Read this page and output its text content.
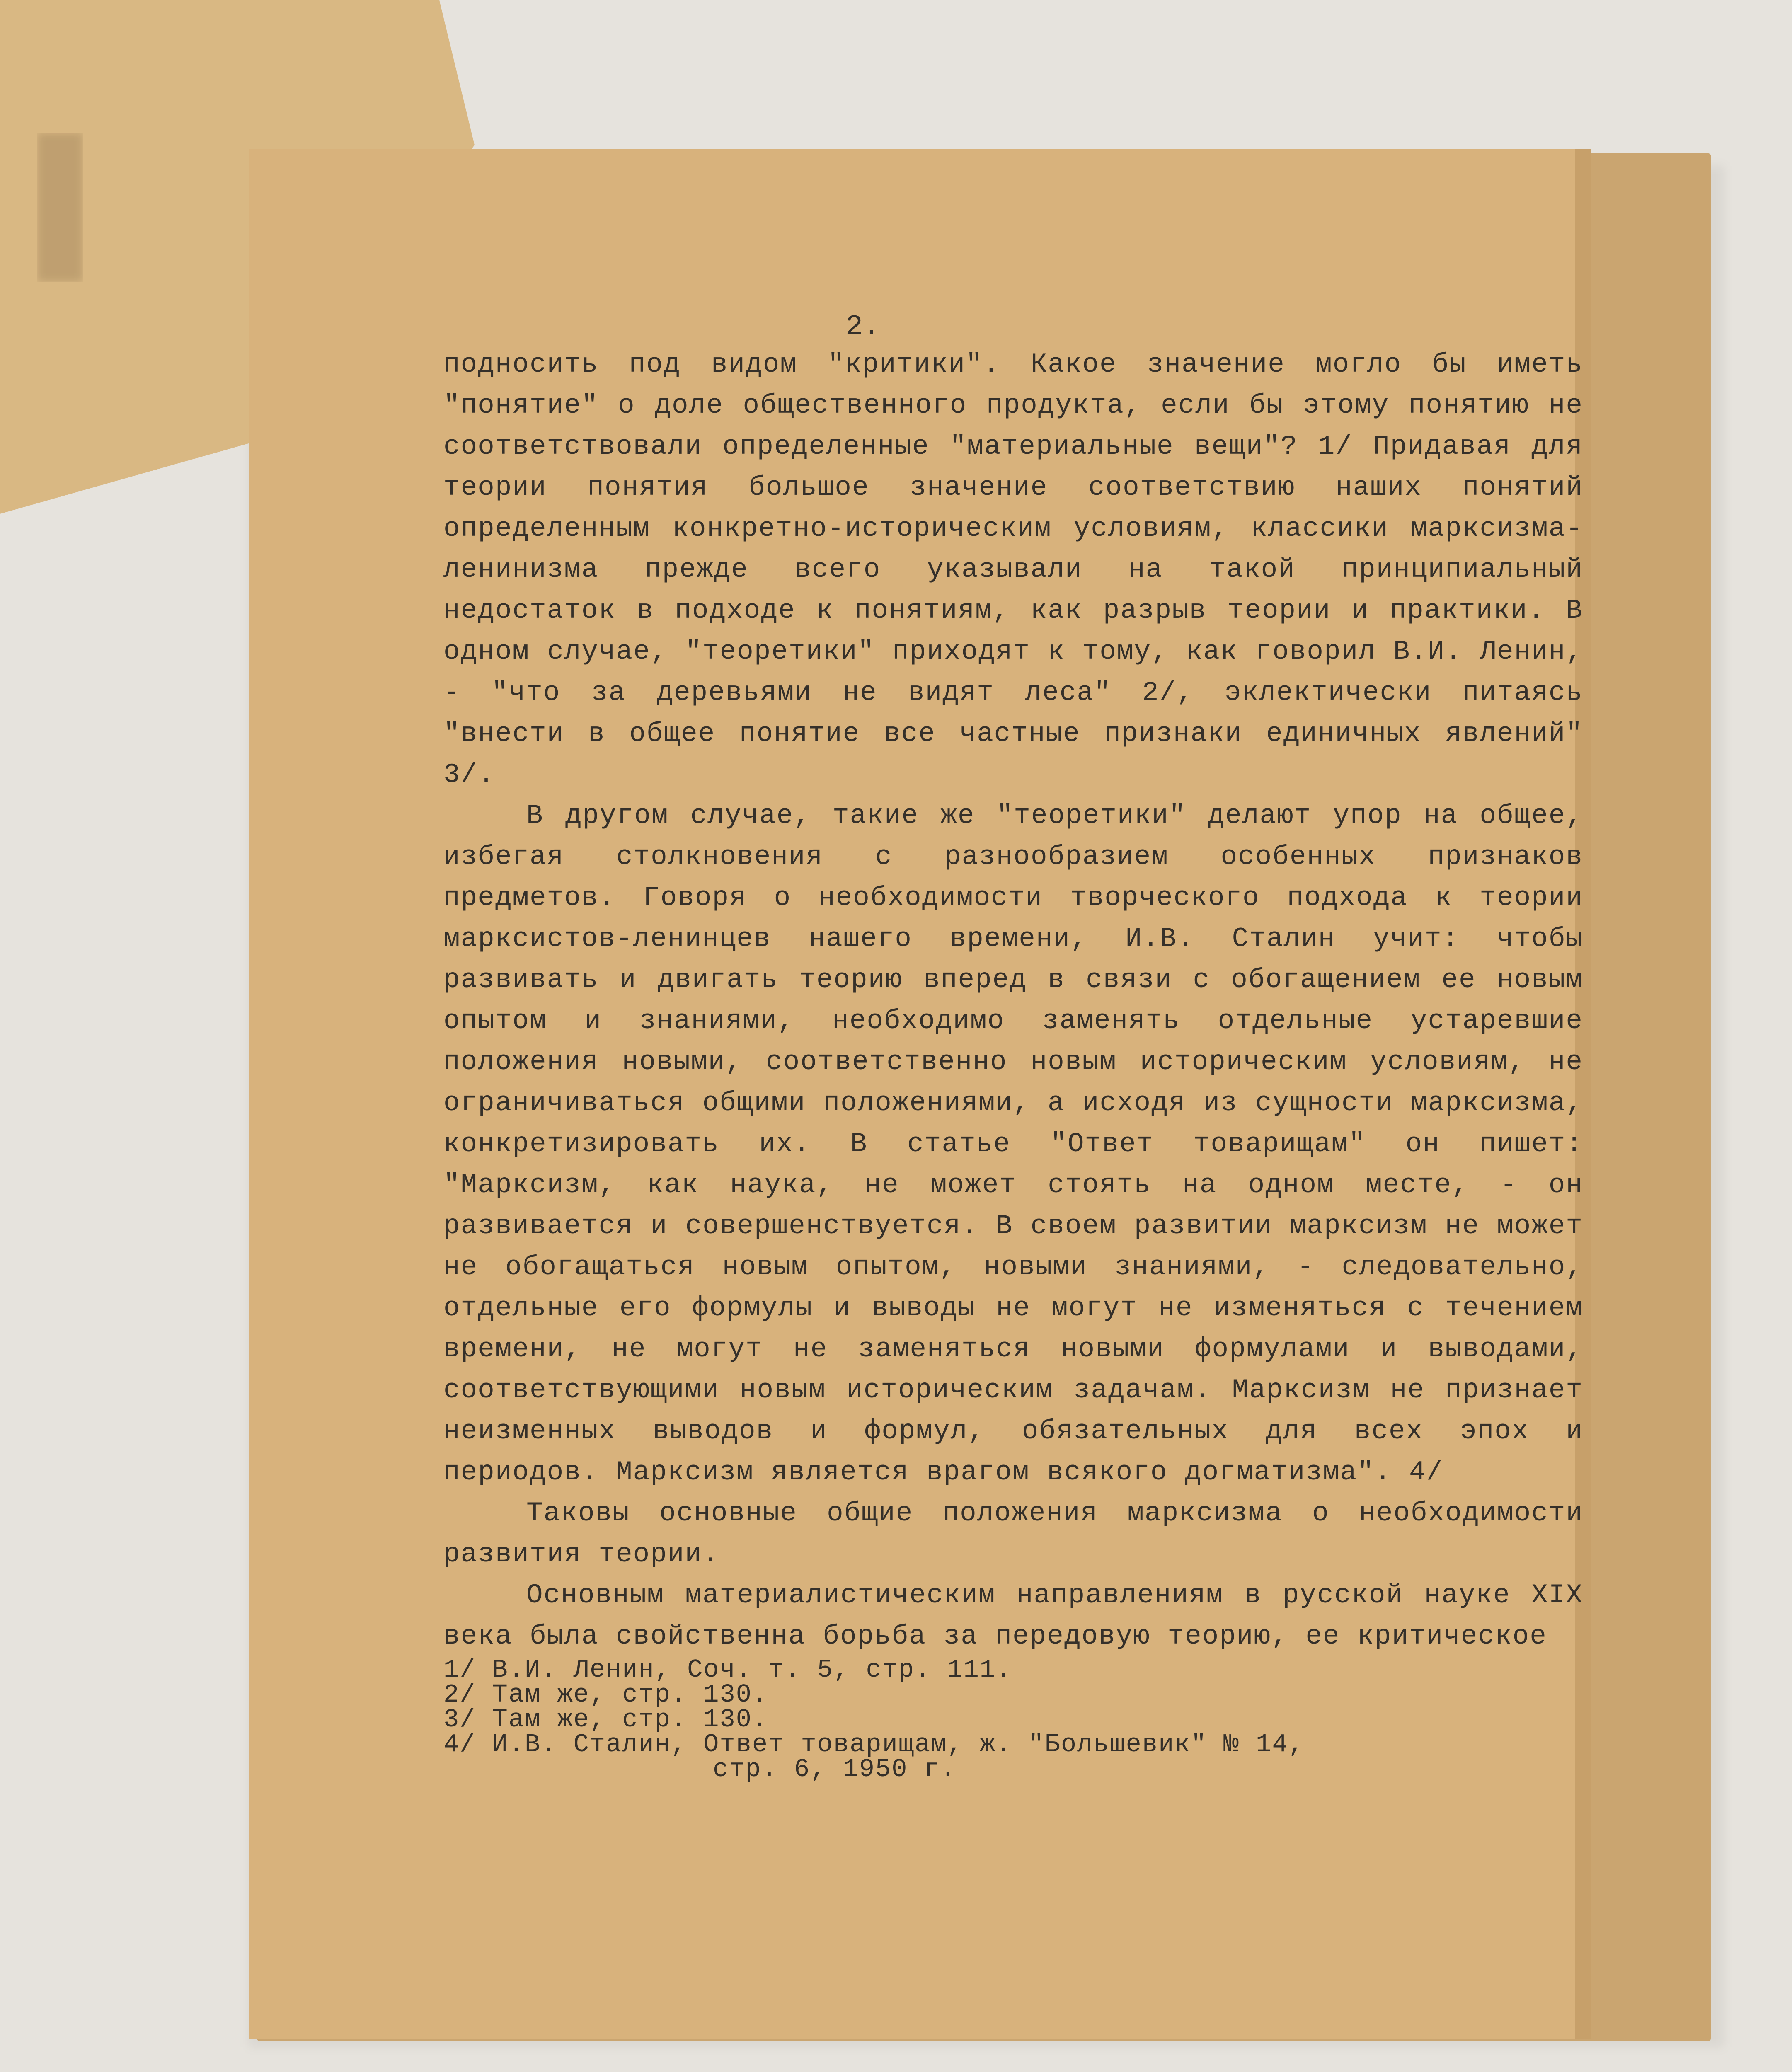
2.

подносить под видом "критики". Какое значение могло бы иметь "понятие" о доле общественного продукта, если бы этому понятию не соответствовали определенные "материальные вещи"? 1/ Придавая для теории понятия большое значение соответствию наших понятий определенным конкретно-историческим условиям, классики марксизма-ленинизма прежде всего указывали на такой принципиальный недостаток в подходе к понятиям, как разрыв теории и практики. В одном случае, "теоретики" приходят к тому, как говорил В.И. Ленин, - "что за деревьями не видят леса" 2/, эклектически питаясь "внести в общее понятие все частные признаки единичных явлений" 3/.

В другом случае, такие же "теоретики" делают упор на общее, избегая столкновения с разнообразием особенных признаков предметов. Говоря о необходимости творческого подхода к теории марксистов-ленинцев нашего времени, И.В. Сталин учит: чтобы развивать и двигать теорию вперед в связи с обогащением ее новым опытом и знаниями, необходимо заменять отдельные устаревшие положения новыми, соответственно новым историческим условиям, не ограничиваться общими положениями, а исходя из сущности марксизма, конкретизировать их. В статье "Ответ товарищам" он пишет: "Марксизм, как наука, не может стоять на одном месте, - он развивается и совершенствуется. В своем развитии марксизм не может не обогащаться новым опытом, новыми знаниями, - следовательно, отдельные его формулы и выводы не могут не изменяться с течением времени, не могут не заменяться новыми формулами и выводами, соответствующими новым историческим задачам. Марксизм не признает неизменных выводов и формул, обязательных для всех эпох и периодов. Марксизм является врагом всякого догматизма". 4/

Таковы основные общие положения марксизма о необходимости развития теории.

Основным материалистическим направлениям в русской науке XIX века была свойственна борьба за передовую теорию, ее критическое

1/ В.И. Ленин, Соч. т. 5, стр. 111.
2/ Там же, стр. 130.
3/ Там же, стр. 130.
4/ И.В. Сталин, Ответ товарищам, ж. "Большевик" № 14,
стр. 6, 1950 г.
